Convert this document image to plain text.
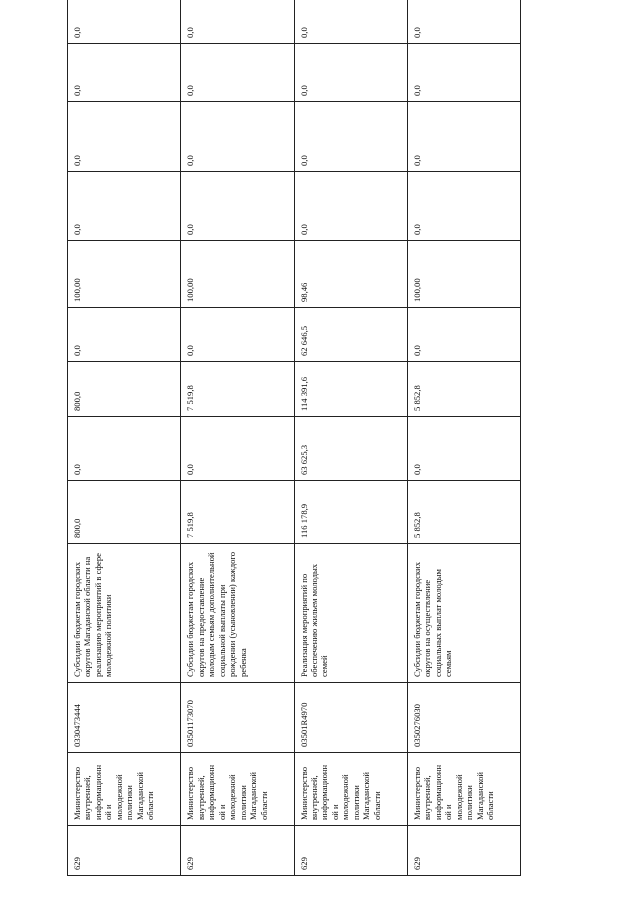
629	Министерство внутренней, информационн ой и молодежной политики Магаданской области	0330473444	Субсидии бюджетам городских округов Магаданской области на реализацию мероприятий в сфере молодежной политики	800,0	0,0	800,0	0,0	100,00	0,0	0,0	0,0	0,0	
629	Министерство внутренней, информационн ой и молодежной политики Магаданской области	03501173070	Субсидии бюджетам городских округов на предоставление молодым семьям дополнительной социальной выплаты при рождении (усыновлении) каждого ребенка	7 519,8	0,0	7 519,8	0,0	100,00	0,0	0,0	0,0	0,0	
629	Министерство внутренней, информационн ой и молодежной политики Магаданской области	03501R4970	Реализация мероприятий по обеспечению жильем молодых семей	116 178,9	63 625,3	114 391,6	62 646,5	98,46	0,0	0,0	0,0	0,0	
629	Министерство внутренней, информационн ой и молодежной политики Магаданской области	03502760З0	Субсидии бюджетам городских округов на осуществление социальных выплат молодым семьям	5 852,8	0,0	5 852,8	0,0	100,00	0,0	0,0	0,0	0,0	
